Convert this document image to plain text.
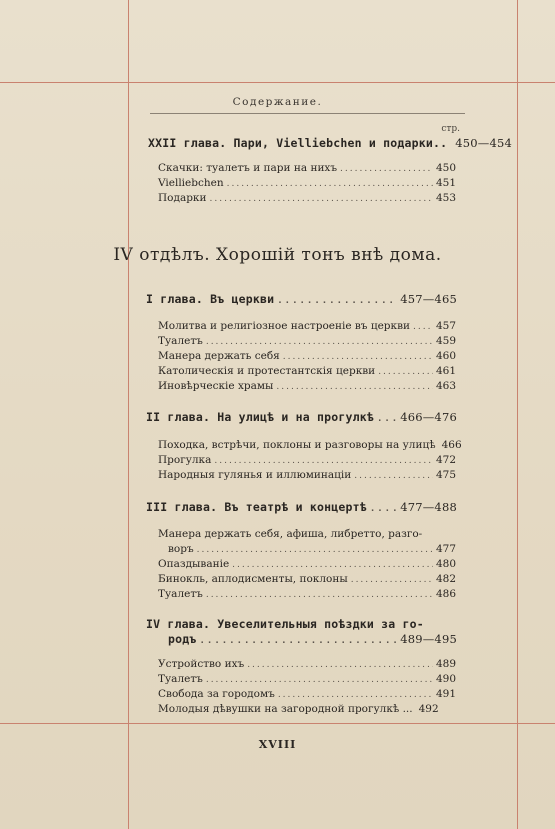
Содержание.
стр.
XXII глава. Пари, Vielliebchen и подарки.. 450—454
Скачки: туалетъ и пари на нихъ .....	450
Vielliebchen .....	451
Подарки .....	453
IV отдѣлъ. Хорошій тонъ внѣ дома.
I глава. Въ церкви .....	457—465
Молитва и религіозное настроеніе въ церкви ..... 457
Туалетъ .....	459
Манера держать себя .....	460
Католическія и протестантскія церкви .....	461
Иновѣрческіе храмы .....	463
II глава. На улицѣ и на прогулкѣ ..... 466—476
Походка, встрѣчи, поклоны и разговоры на улицѣ 466
Прогулка .....	472
Народныя гулянья и иллюминаціи .....	475
III глава. Въ театрѣ и концертѣ .....	477—488
Манера держать себя, афиша, либретто, разго-
воръ .....	477
Опаздываніе .....	480
Бинокль, аплодисменты, поклоны .....	482
Туалетъ .....	486
IV глава. Увеселительныя поѣздки за го-
родъ .....	489—495
Устройство ихъ .....	489
Туалетъ .....	490
Свобода за городомъ .....	491
Молодыя дѣвушки на загородной прогулкѣ ... 492
XVIII
